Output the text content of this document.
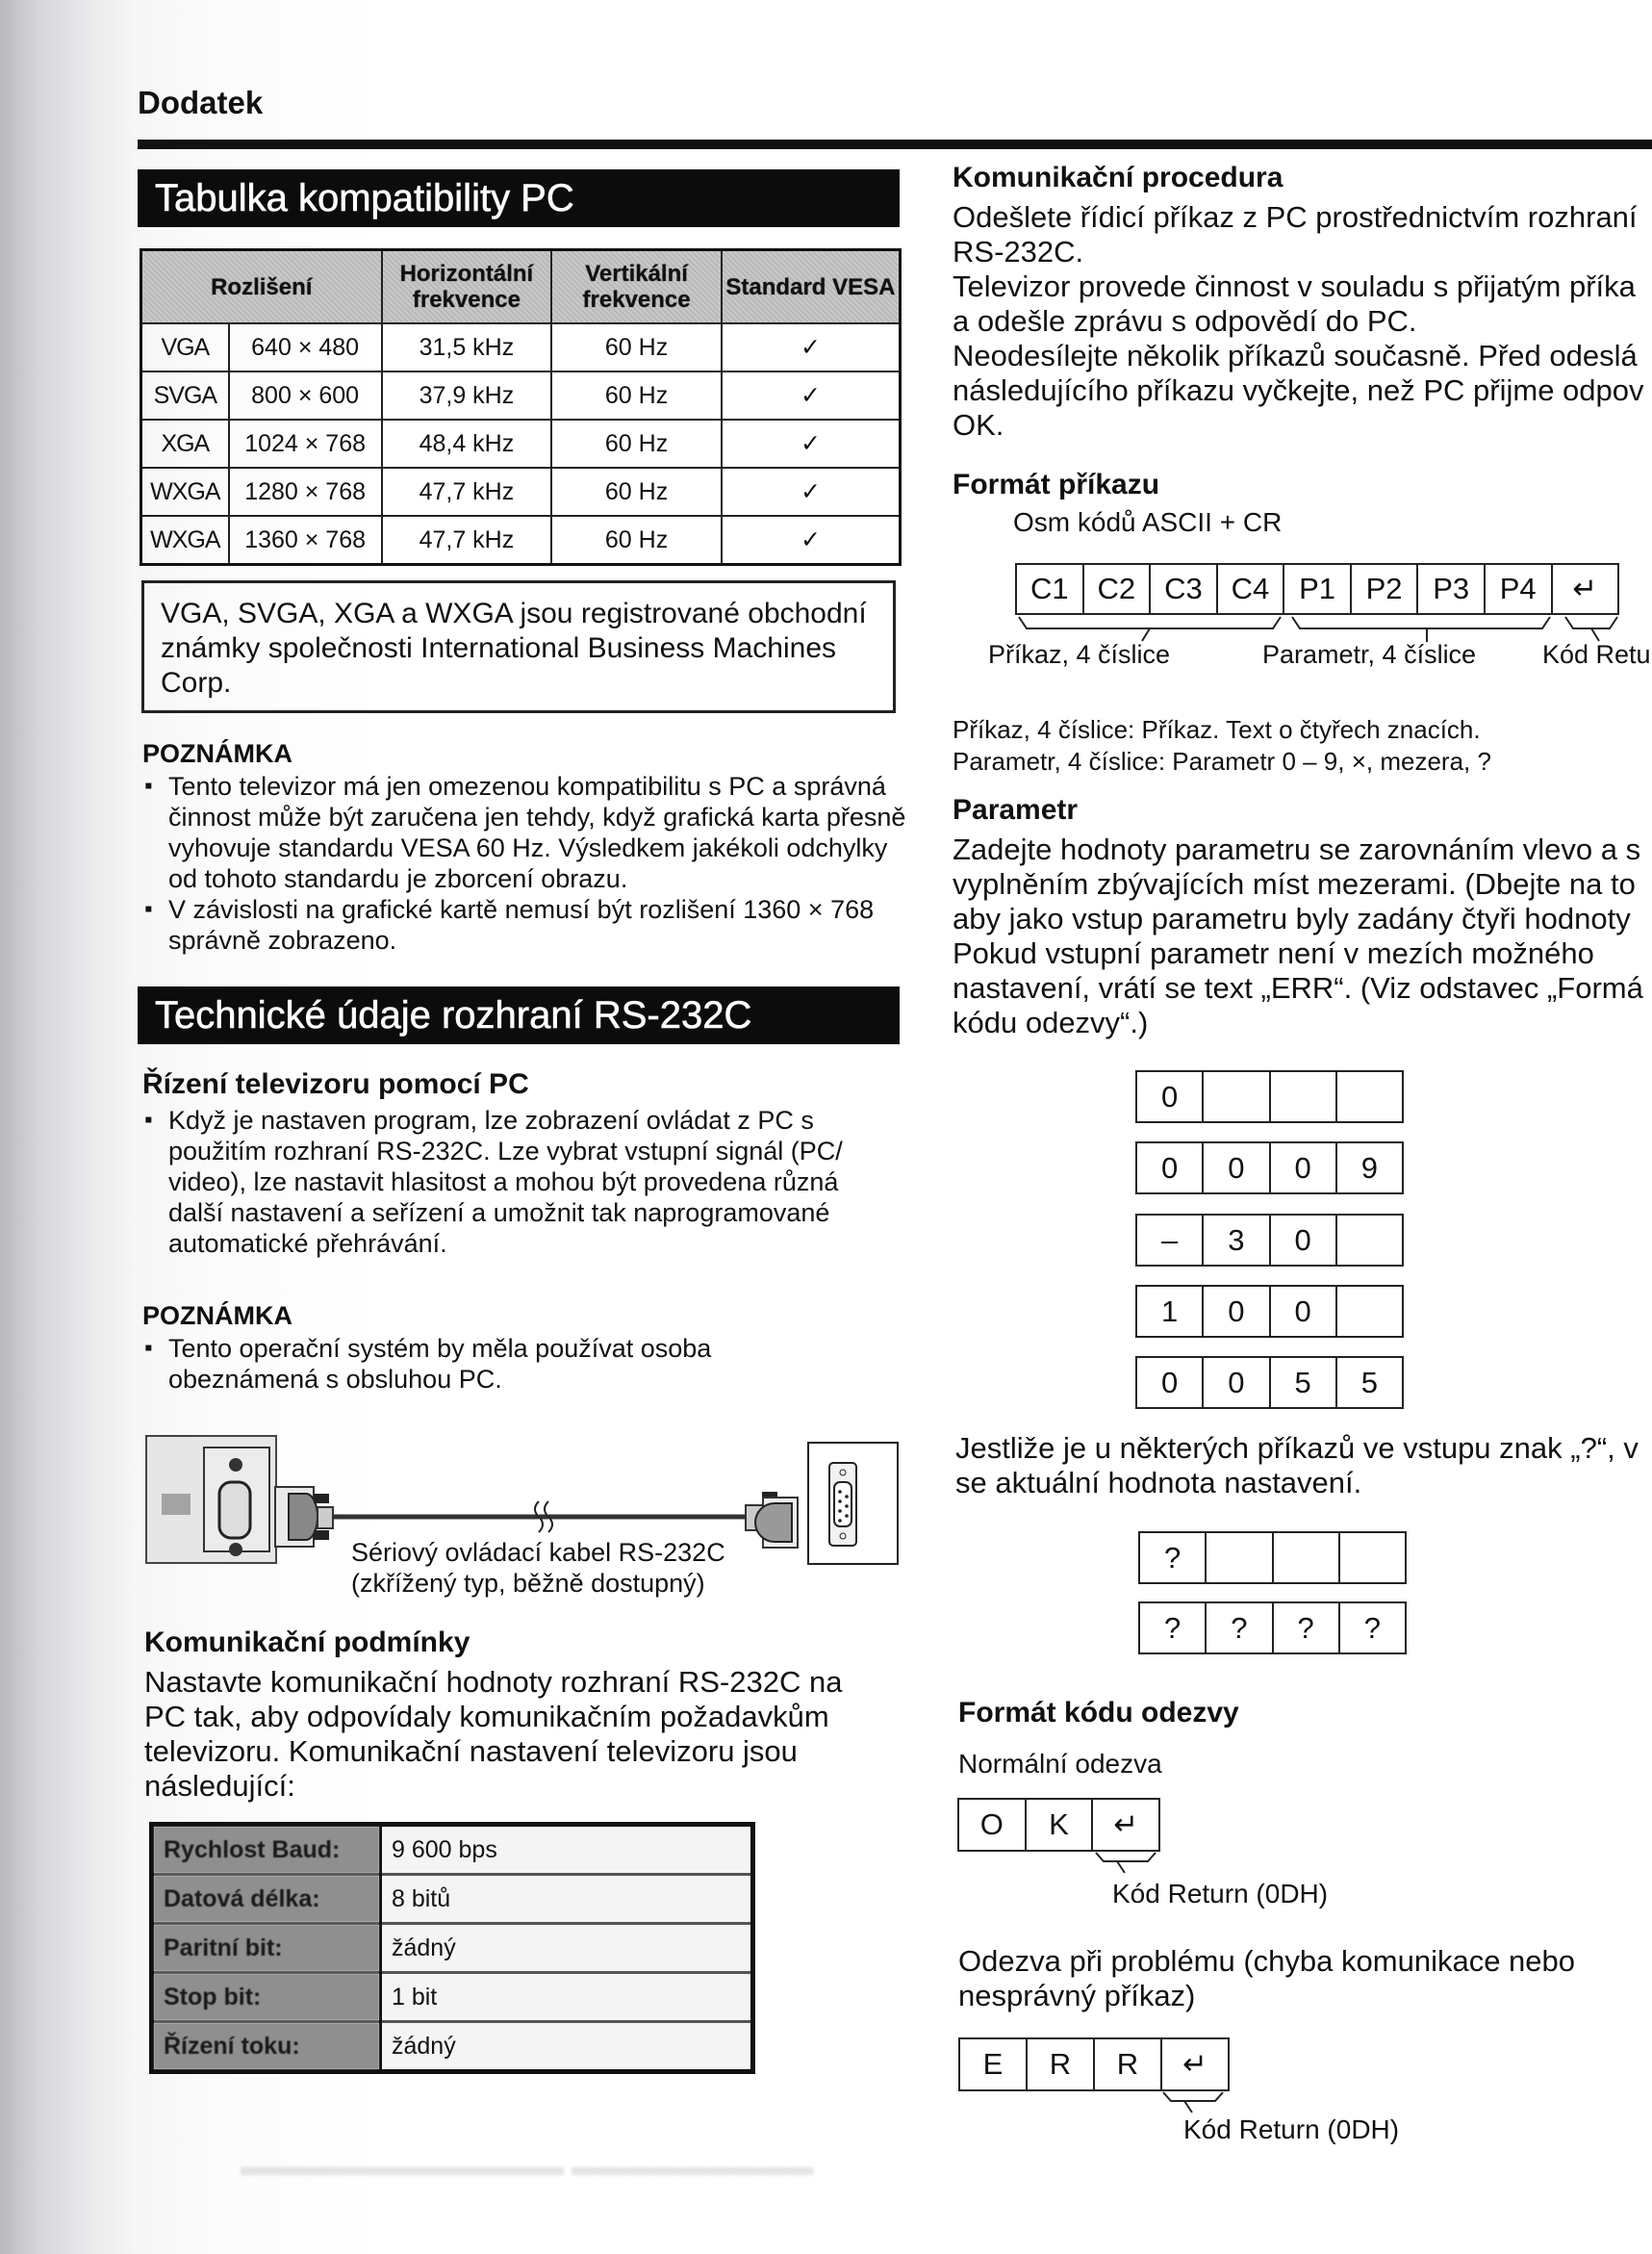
Dodatek
Tabulka kompatibility PC
Rozlišení		Horizontální frekvence	Vertikální frekvence	Standard VESA
VGA	640 × 480	31,5 kHz	60 Hz	✓
SVGA	800 × 600	37,9 kHz	60 Hz	✓
XGA	1024 × 768	48,4 kHz	60 Hz	✓
WXGA	1280 × 768	47,7 kHz	60 Hz	✓
WXGA	1360 × 768	47,7 kHz	60 Hz	✓
VGA, SVGA, XGA a WXGA jsou registrované obchodní známky společnosti International Business Machines Corp.
POZNÁMKA
▪ Tento televizor má jen omezenou kompatibilitu s PC a správná činnost může být zaručena jen tehdy, když grafická karta přesně vyhovuje standardu VESA 60 Hz. Výsledkem jakékoli odchylky od tohoto standardu je zborcení obrazu.
▪ V závislosti na grafické kartě nemusí být rozlišení 1360 × 768 správně zobrazeno.
Technické údaje rozhraní RS-232C
Řízení televizoru pomocí PC
▪ Když je nastaven program, lze zobrazení ovládat z PC s použitím rozhraní RS-232C. Lze vybrat vstupní signál (PC/ video), lze nastavit hlasitost a mohou být provedena různá další nastavení a seřízení a umožnit tak naprogramované automatické přehrávání.
POZNÁMKA
▪ Tento operační systém by měla používat osoba obeznámená s obsluhou PC.
Sériový ovládací kabel RS-232C
(zkřížený typ, běžně dostupný)
Komunikační podmínky
Nastavte komunikační hodnoty rozhraní RS-232C na PC tak, aby odpovídaly komunikačním požadavkům televizoru. Komunikační nastavení televizoru jsou následující:
Rychlost Baud:	9 600 bps
Datová délka:	8 bitů
Paritní bit:	žádný
Stop bit:	1 bit
Řízení toku:	žádný
▬▬▬▬▬▬▬▬▬ ▬▬▬▬▬▬▬▬▬▬▬▬
Komunikační procedura
Odešlete řídicí příkaz z PC prostřednictvím rozhraní
RS-232C.
Televizor provede činnost v souladu s přijatým příka
a odešle zprávu s odpovědí do PC.
Neodesílejte několik příkazů současně. Před odeslá
následujícího příkazu vyčkejte, než PC přijme odpov
OK.
Formát příkazu
Osm kódů ASCII + CR
C1 C2 C3 C4 P1	P2	P3	P4	↵
Příkaz, 4 číslice	Parametr, 4 číslice	Kód Retu
Příkaz, 4 číslice: Příkaz. Text o čtyřech znacích.
Parametr, 4 číslice: Parametr 0 – 9, ×, mezera, ?
Parametr
Zadejte hodnoty parametru se zarovnáním vlevo a s
vyplněním zbývajících míst mezerami. (Dbejte na to
aby jako vstup parametru byly zadány čtyři hodnoty
Pokud vstupní parametr není v mezích možného
nastavení, vrátí se text „ERR“. (Viz odstavec „Formá
kódu odezvy“.)
0
0	0	0	9
–	3	0
1	0	0
0	0	5	5
Jestliže je u některých příkazů ve vstupu znak „?“, v
se aktuální hodnota nastavení.
?
?	?	?	?
Formát kódu odezvy
Normální odezva
O	K	↵
Kód Return (0DH)
Odezva při problému (chyba komunikace nebo
nesprávný příkaz)
E	R	R	↵
Kód Return (0DH)
